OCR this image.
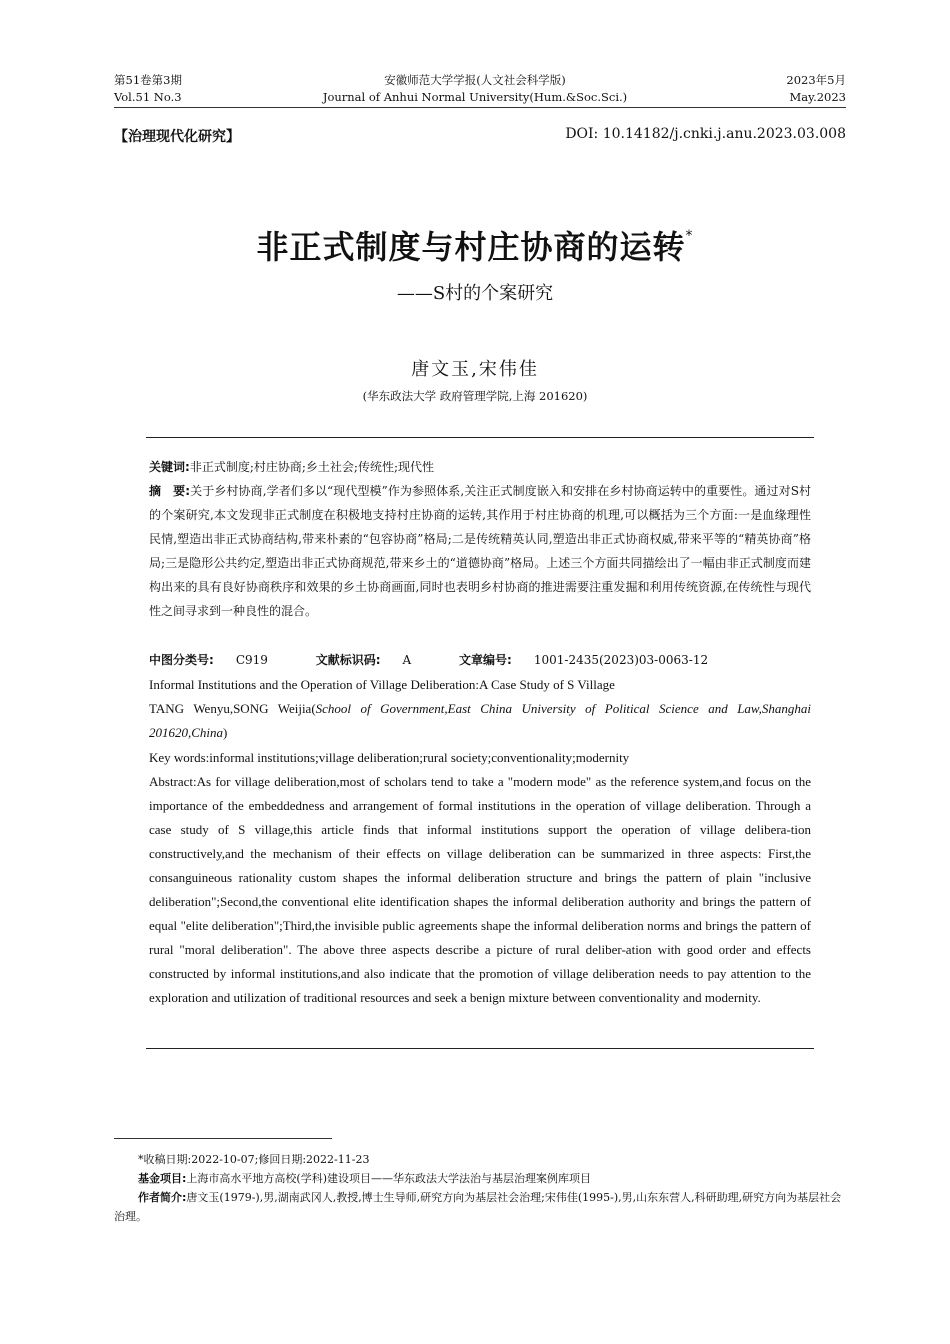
第51卷第3期
Vol.51 No.3
安徽师范大学学报(人文社会科学版)
Journal of Anhui Normal University(Hum.&Soc.Sci.)
2023年5月
May.2023
【治理现代化研究】	DOI: 10.14182/j.cnki.j.anu.2023.03.008
非正式制度与村庄协商的运转*
——S村的个案研究
唐文玉,宋伟佳
(华东政法大学 政府管理学院,上海 201620)
关键词:非正式制度;村庄协商;乡土社会;传统性;现代性
摘　要:关于乡村协商,学者们多以“现代型模”作为参照体系,关注正式制度嵌入和安排在乡村协商运转中的重要性。通过对S村的个案研究,本文发现非正式制度在积极地支持村庄协商的运转,其作用于村庄协商的机理,可以概括为三个方面:一是血缘理性民情,塑造出非正式协商结构,带来朴素的“包容协商”格局;二是传统精英认同,塑造出非正式协商权威,带来平等的“精英协商”格局;三是隐形公共约定,塑造出非正式协商规范,带来乡土的“道德协商”格局。上述三个方面共同描绘出了一幅由非正式制度而建构出来的具有良好协商秩序和效果的乡土协商画面,同时也表明乡村协商的推进需要注重发掘和利用传统资源,在传统性与现代性之间寻求到一种良性的混合。
中图分类号: C919	文献标识码: A	文章编号: 1001-2435(2023)03-0063-12
Informal Institutions and the Operation of Village Deliberation:A Case Study of S Village
TANG Wenyu,SONG Weijia(School of Government,East China University of Political Science and Law,Shanghai 201620,China)
Key words:informal institutions;village deliberation;rural society;conventionality;modernity
Abstract:As for village deliberation,most of scholars tend to take a "modern mode" as the reference system,and focus on the importance of the embeddedness and arrangement of formal institutions in the operation of village deliberation. Through a case study of S village,this article finds that informal institutions support the operation of village delibera-tion constructively,and the mechanism of their effects on village deliberation can be summarized in three aspects: First,the consanguineous rationality custom shapes the informal deliberation structure and brings the pattern of plain "inclusive deliberation";Second,the conventional elite identification shapes the informal deliberation authority and brings the pattern of equal "elite deliberation";Third,the invisible public agreements shape the informal deliberation norms and brings the pattern of rural "moral deliberation". The above three aspects describe a picture of rural deliber-ation with good order and effects constructed by informal institutions,and also indicate that the promotion of village deliberation needs to pay attention to the exploration and utilization of traditional resources and seek a benign mixture between conventionality and modernity.

*收稿日期:2022-10-07;修回日期:2022-11-23

基金项目:上海市高水平地方高校(学科)建设项目——华东政法大学法治与基层治理案例库项目

作者简介:唐文玉(1979-),男,湖南武冈人,教授,博士生导师,研究方向为基层社会治理;宋伟佳(1995-),男,山东东营人,科研助理,研究方向为基层社会治理。
